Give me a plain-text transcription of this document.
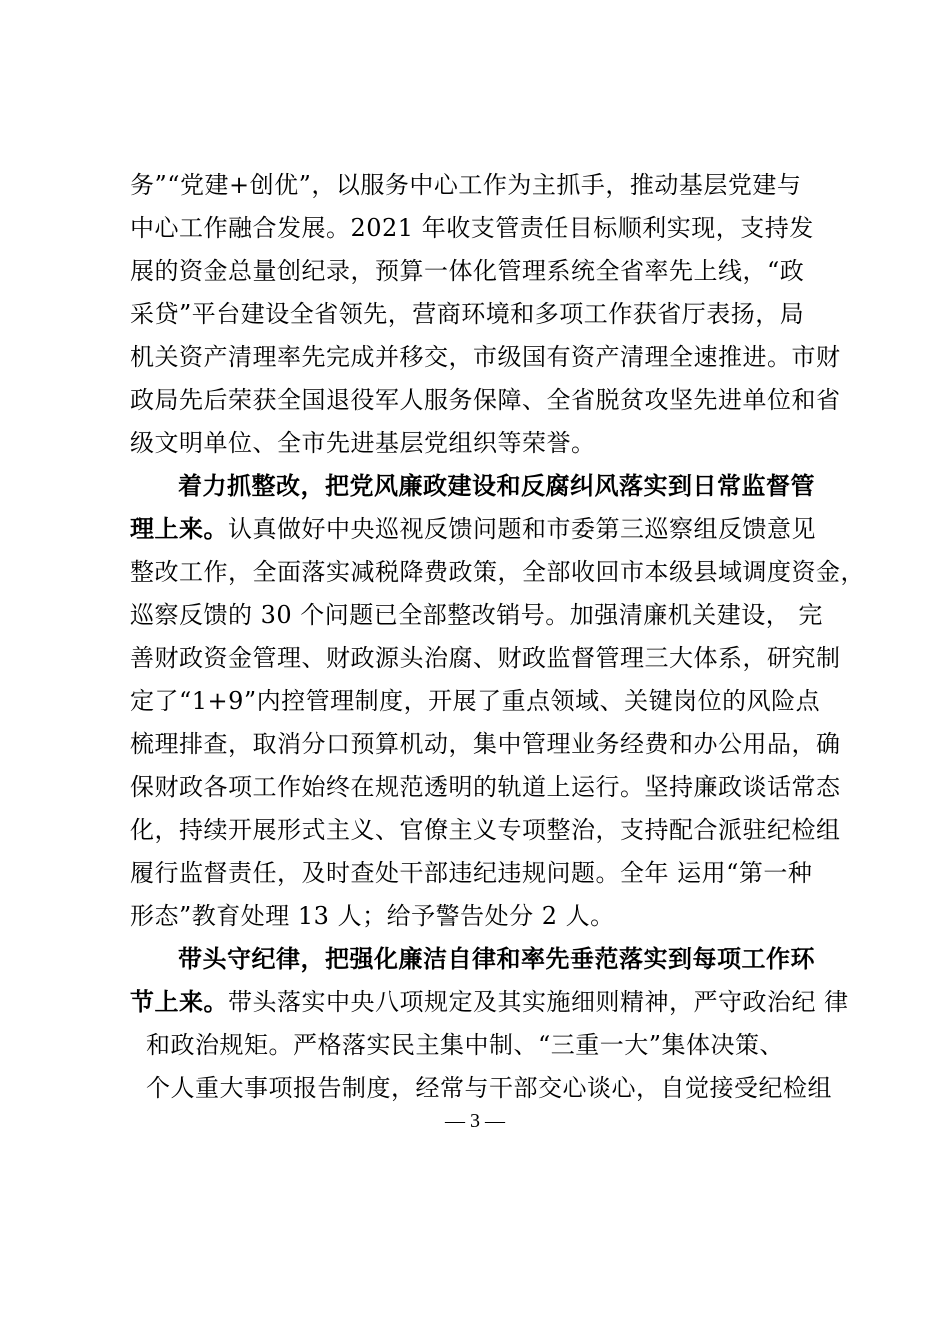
务”“党建+创优”，以服务中心工作为主抓手，推动基层党建与
中心工作融合发展。2021 年收支管责任目标顺利实现，支持发
展的资金总量创纪录，预算一体化管理系统全省率先上线，“政
采贷”平台建设全省领先，营商环境和多项工作获省厅表扬，局
机关资产清理率先完成并移交，市级国有资产清理全速推进。市财
政局先后荣获全国退役军人服务保障、全省脱贫攻坚先进单位和省
级文明单位、全市先进基层党组织等荣誉。
着力抓整改，把党风廉政建设和反腐纠风落实到日常监督管
理上来。认真做好中央巡视反馈问题和市委第三巡察组反馈意见
整改工作，全面落实减税降费政策，全部收回市本级县域调度资金，
巡察反馈的 30 个问题已全部整改销号。加强清廉机关建设， 完
善财政资金管理、财政源头治腐、财政监督管理三大体系，研究制
定了“1+9”内控管理制度，开展了重点领域、关键岗位的风险点
梳理排查，取消分口预算机动，集中管理业务经费和办公用品，确
保财政各项工作始终在规范透明的轨道上运行。坚持廉政谈话常态
化，持续开展形式主义、官僚主义专项整治，支持配合派驻纪检组
履行监督责任，及时查处干部违纪违规问题。全年 运用“第一种
形态”教育处理 13 人；给予警告处分 2 人。
带头守纪律，把强化廉洁自律和率先垂范落实到每项工作环
节上来。带头落实中央八项规定及其实施细则精神，严守政治纪 律
和政治规矩。严格落实民主集中制、“三重一大”集体决策、
个人重大事项报告制度，经常与干部交心谈心，自觉接受纪检组
— 3 —
